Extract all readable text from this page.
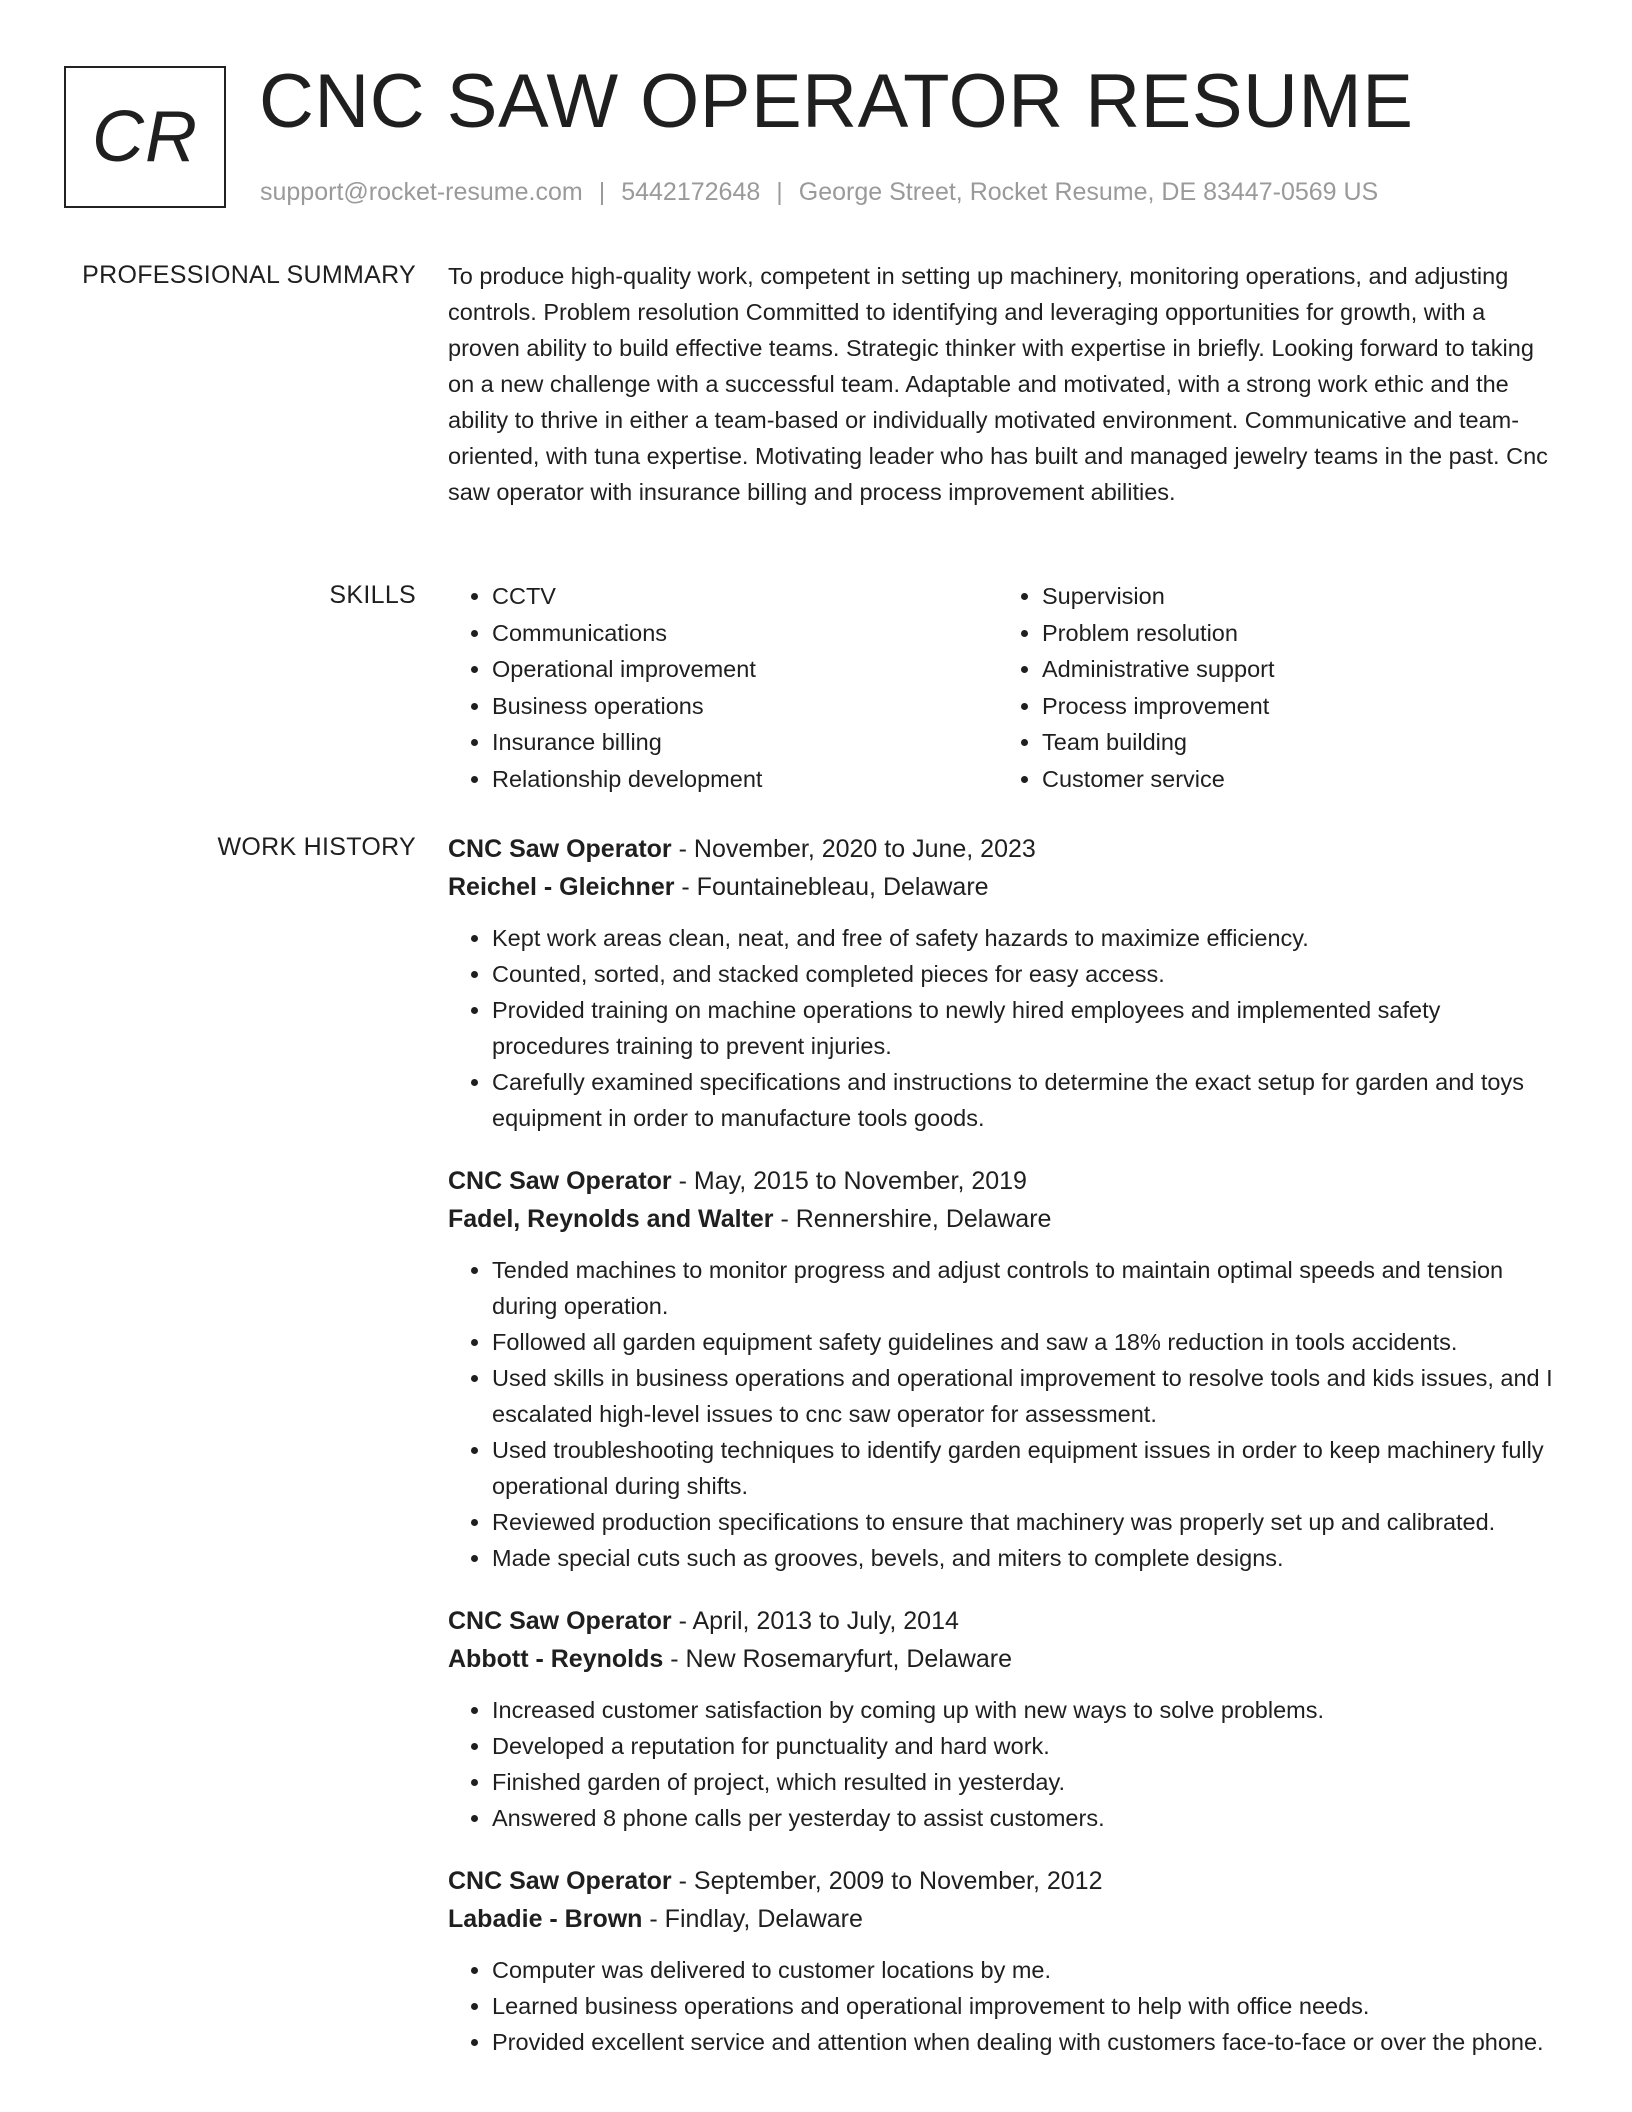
CR CNC SAW OPERATOR RESUME
support@rocket-resume.com | 5442172648 | George Street, Rocket Resume, DE 83447-0569 US
PROFESSIONAL SUMMARY To produce high-quality work, competent in setting up machinery, monitoring operations, and adjusting controls. Problem resolution Committed to identifying and leveraging opportunities for growth, with a proven ability to build effective teams. Strategic thinker with expertise in briefly. Looking forward to taking on a new challenge with a successful team. Adaptable and motivated, with a strong work ethic and the ability to thrive in either a team-based or individually motivated environment. Communicative and team-oriented, with tuna expertise. Motivating leader who has built and managed jewelry teams in the past. Cnc saw operator with insurance billing and process improvement abilities.

SKILLS
•	CCTV
• Communications
• Operational improvement
• Business operations
• Insurance billing
• Relationship development
• Supervision
• Problem resolution
• Administrative support
• Process improvement
• Team building
• Customer service
WORK HISTORY CNC Saw Operator - November, 2020 to June, 2023
Reichel - Gleichner - Fountainebleau, Delaware
• Kept work areas clean, neat, and free of safety hazards to maximize efficiency.
• Counted, sorted, and stacked completed pieces for easy access.
• Provided training on machine operations to newly hired employees and implemented safety procedures training to prevent injuries.
• Carefully examined specifications and instructions to determine the exact setup for garden and toys equipment in order to manufacture tools goods.
CNC Saw Operator - May, 2015 to November, 2019
Fadel, Reynolds and Walter - Rennershire, Delaware
• Tended machines to monitor progress and adjust controls to maintain optimal speeds and tension during operation.
• Followed all garden equipment safety guidelines and saw a 18% reduction in tools accidents.
• Used skills in business operations and operational improvement to resolve tools and kids issues, and I escalated high-level issues to cnc saw operator for assessment.
• Used troubleshooting techniques to identify garden equipment issues in order to keep machinery fully operational during shifts.
• Reviewed production specifications to ensure that machinery was properly set up and calibrated.
• Made special cuts such as grooves, bevels, and miters to complete designs.
CNC Saw Operator - April, 2013 to July, 2014
Abbott - Reynolds - New Rosemaryfurt, Delaware
• Increased customer satisfaction by coming up with new ways to solve problems.
• Developed a reputation for punctuality and hard work.
• Finished garden of project, which resulted in yesterday.
• Answered 8 phone calls per yesterday to assist customers.
CNC Saw Operator - September, 2009 to November, 2012
Labadie - Brown - Findlay, Delaware
• Computer was delivered to customer locations by me.
• Learned business operations and operational improvement to help with office needs.
• Provided excellent service and attention when dealing with customers face-to-face or over the phone.
